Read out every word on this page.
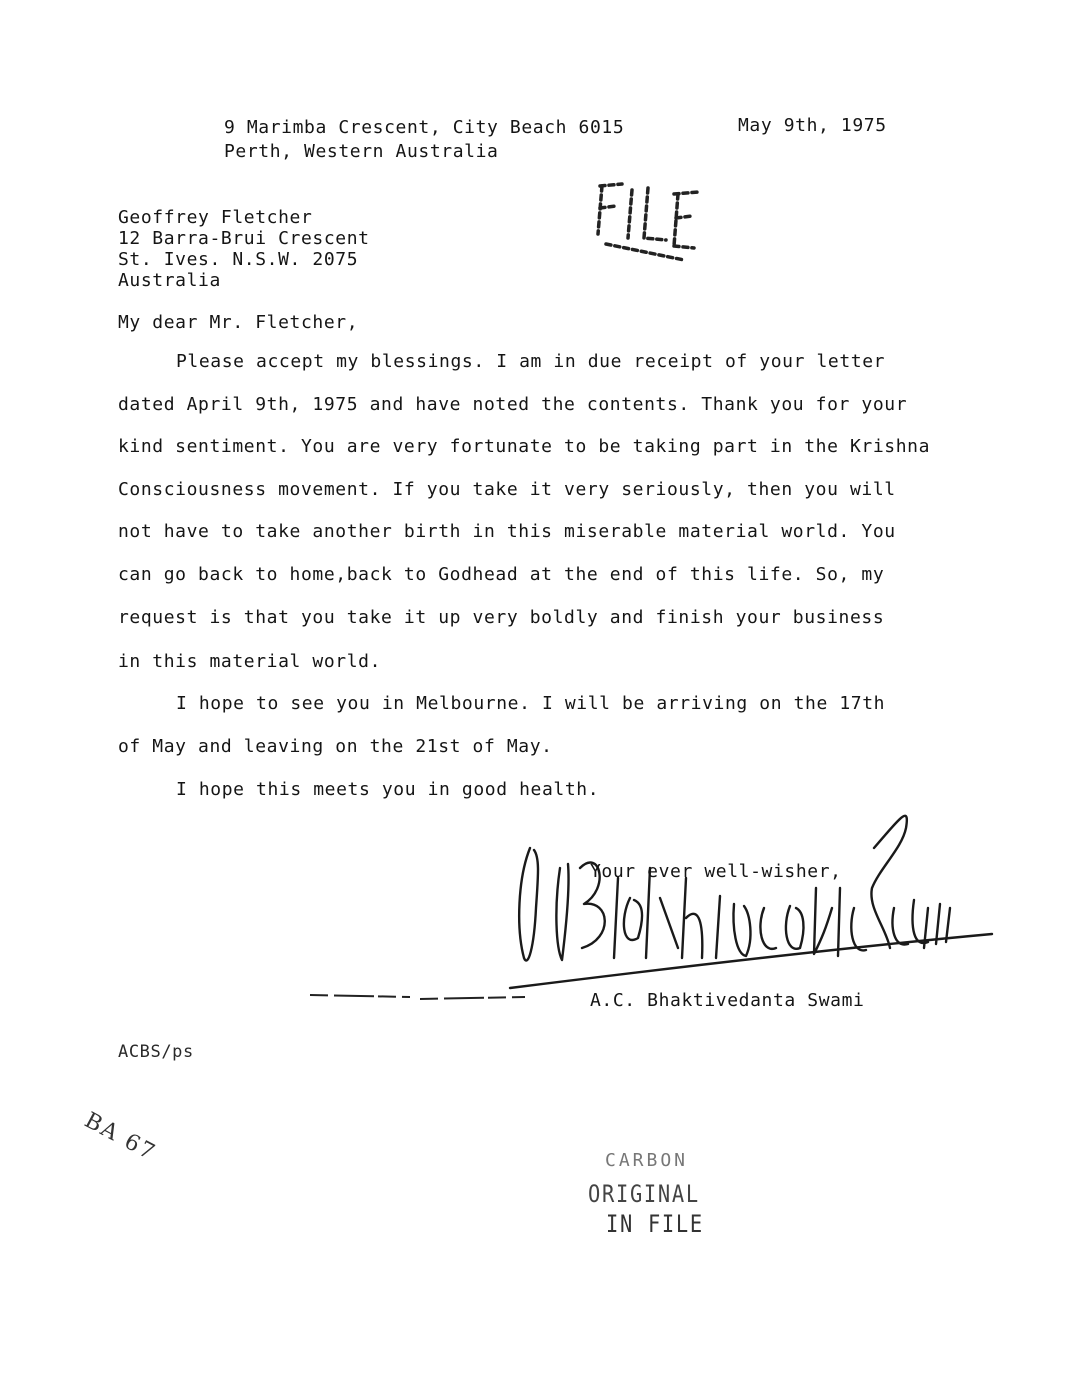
9 Marimba Crescent, City Beach 6015
Perth, Western Australia
May 9th, 1975
Geoffrey Fletcher
12 Barra-Brui Crescent
St. Ives. N.S.W. 2075
Australia
My dear Mr. Fletcher,
Please accept my blessings. I am in due receipt of your letter
dated April 9th, 1975 and have noted the contents. Thank you for your
kind sentiment. You are very fortunate to be taking part in the Krishna
Consciousness movement. If you take it very seriously, then you will
not have to take another birth in this miserable material world. You
can go back to home,back to Godhead at the end of this life. So, my
request is that you take it up very boldly and finish your business
in this material world.
I hope to see you in Melbourne. I will be arriving on the 17th
of May and leaving on the 21st of May.
I hope this meets you in good health.
Your ever well-wisher,
A.C. Bhaktivedanta Swami
ACBS/ps
BA 67	CARBON
ORIGINAL
IN FILE
